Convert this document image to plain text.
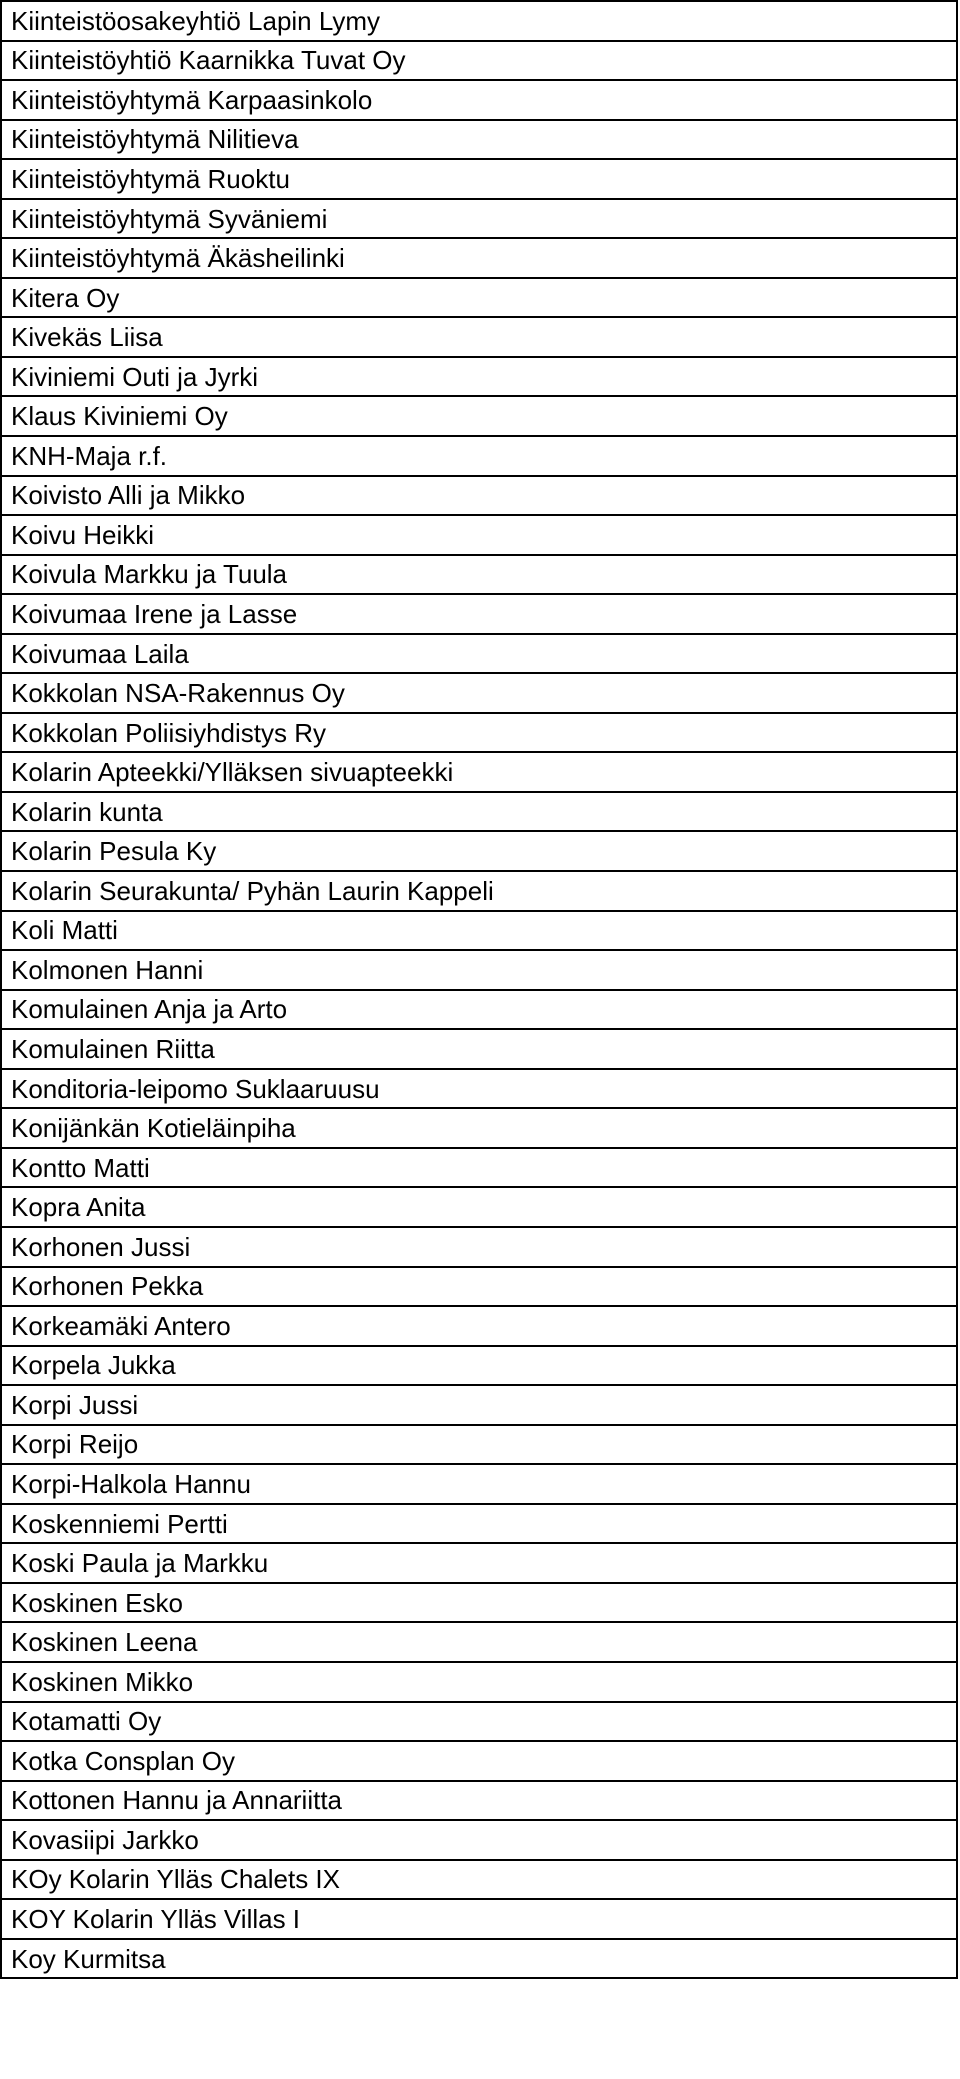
Kiinteistöosakeyhtiö Lapin Lymy
Kiinteistöyhtiö Kaarnikka Tuvat Oy
Kiinteistöyhtymä Karpaasinkolo
Kiinteistöyhtymä Nilitieva
Kiinteistöyhtymä Ruoktu
Kiinteistöyhtymä Syväniemi
Kiinteistöyhtymä Äkäsheilinki
Kitera Oy
Kivekäs Liisa
Kiviniemi Outi ja Jyrki
Klaus Kiviniemi Oy
KNH-Maja r.f.
Koivisto Alli ja Mikko
Koivu Heikki
Koivula Markku ja Tuula
Koivumaa Irene ja Lasse
Koivumaa Laila
Kokkolan NSA-Rakennus Oy
Kokkolan Poliisiyhdistys Ry
Kolarin Apteekki/Ylläksen sivuapteekki
Kolarin kunta
Kolarin Pesula Ky
Kolarin Seurakunta/ Pyhän Laurin Kappeli
Koli Matti
Kolmonen Hanni
Komulainen Anja ja Arto
Komulainen Riitta
Konditoria-leipomo Suklaaruusu
Konijänkän Kotieläinpiha
Kontto Matti
Kopra Anita
Korhonen Jussi
Korhonen Pekka
Korkeamäki Antero
Korpela Jukka
Korpi Jussi
Korpi Reijo
Korpi-Halkola Hannu
Koskenniemi Pertti
Koski Paula ja Markku
Koskinen Esko
Koskinen Leena
Koskinen Mikko
Kotamatti Oy
Kotka Consplan Oy
Kottonen Hannu ja Annariitta
Kovasiipi Jarkko
KOy Kolarin Ylläs Chalets IX
KOY Kolarin Ylläs Villas I
Koy Kurmitsa
